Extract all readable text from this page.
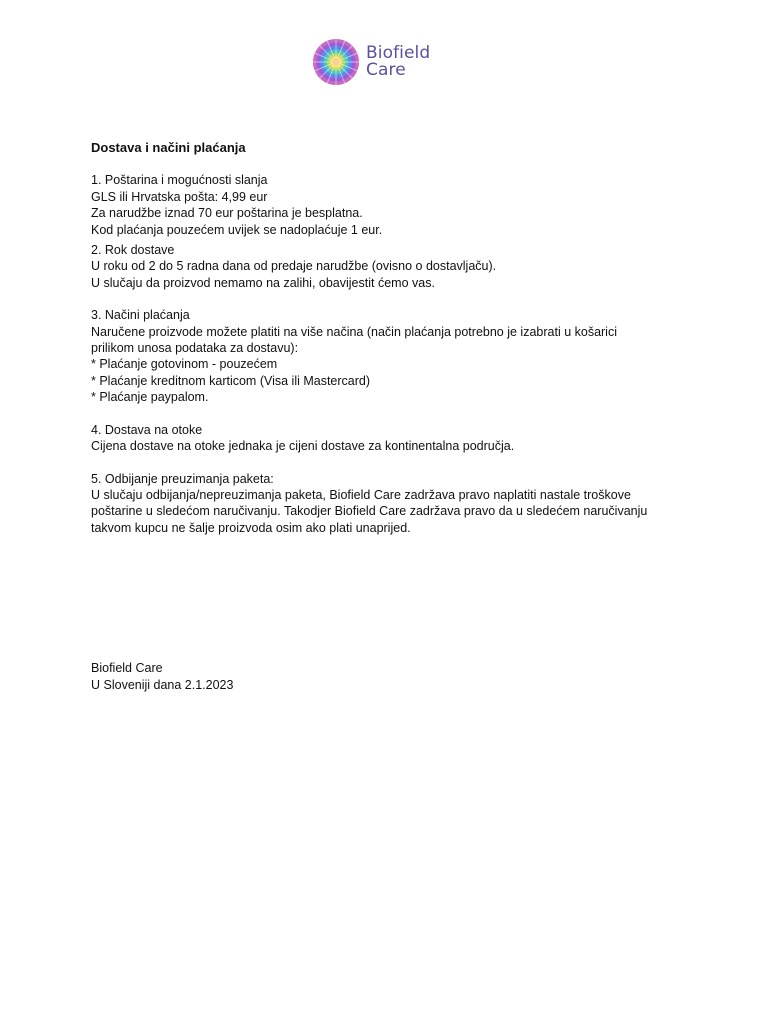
Biofield
Care
Dostava i načini plaćanja
1. Poštarina i mogućnosti slanja
GLS ili Hrvatska pošta: 4,99 eur
Za narudžbe iznad 70 eur poštarina je besplatna.
Kod plaćanja pouzećem uvijek se nadoplaćuje 1 eur.
2. Rok dostave
U roku od 2 do 5 radna dana od predaje narudžbe (ovisno o dostavljaču).
U slučaju da proizvod nemamo na zalihi, obavijestit ćemo vas.
3. Načini plaćanja
Naručene proizvode možete platiti na više načina (način plaćanja potrebno je izabrati u košarici
prilikom unosa podataka za dostavu):
* Plaćanje gotovinom - pouzećem
* Plaćanje kreditnom karticom (Visa ili Mastercard)
* Plaćanje paypalom.
4. Dostava na otoke
Cijena dostave na otoke jednaka je cijeni dostave za kontinentalna područja.
5. Odbijanje preuzimanja paketa:
U slučaju odbijanja/nepreuzimanja paketa, Biofield Care zadržava pravo naplatiti nastale troškove
poštarine u sledećom naručivanju. Takodjer Biofield Care zadržava pravo da u sledećem naručivanju
takvom kupcu ne šalje proizvoda osim ako plati unaprijed.
Biofield Care
U Sloveniji dana 2.1.2023
